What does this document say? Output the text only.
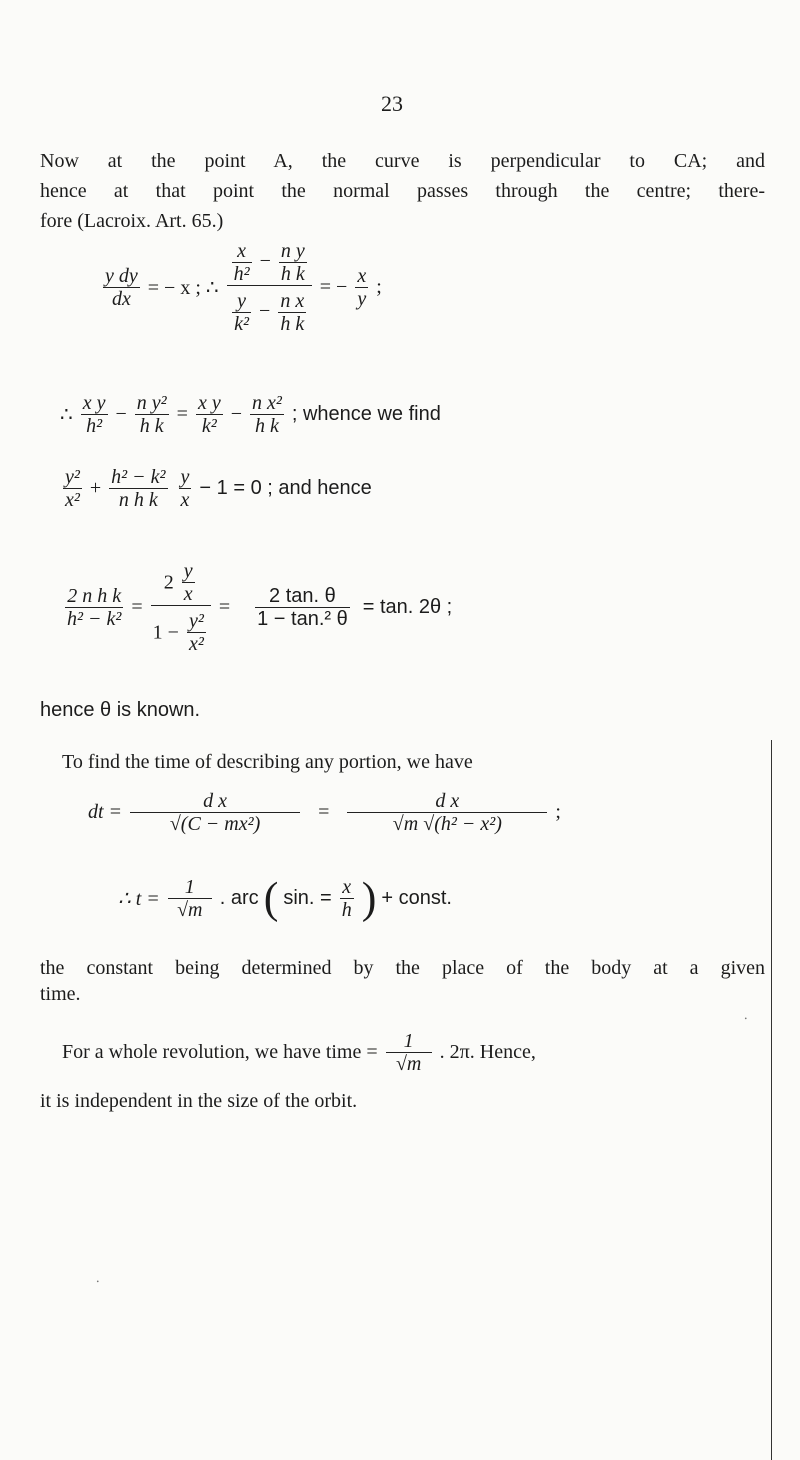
23
Now at the point A, the curve is perpendicular to CA; and
hence at that point the normal passes through the centre; there-
fore (Lacroix. Art. 65.)
$\frac{\text{y dy}}{dx}$ = − x ; ∴ $\frac{\frac{x}{\text{h²}} - \frac{\text{n y}}{\text{h k}}}{\frac{y}{\text{k²}} - \frac{\text{n x}}{\text{h k}}}$ = − $\frac{x}{y}$ ;
∴ $\frac{\text{x y}}{\text{h²}} - \frac{\text{n y²}}{\text{h k}} = \frac{\text{x y}}{\text{k²}} - \frac{\text{n x²}}{\text{h k}}$ ; whence we find
$\frac{\text{y²}}{\text{x²}} + \frac{\text{h² − k²}}{\text{n h k}}$
$\frac{y}{x} - 1 = 0$ ; and hence
$\frac{\text{2 n h k}}{\text{h² − k²}} = \frac{2 \frac{y}{x}}{1 - \frac{\text{y²}}{\text{x²}}} = \frac{2 \tan. \theta}{\text{1 − tan.² θ}} = \tan$. 2θ ;
hence θ is known.
To find the time of describing any portion, we have
dt = $\frac{\text{d x}}{\text{√(C − mx²)}} = \frac{\text{d x}}{\text{√m √(h² − x²)}}$ ;
∴ $t = \frac{1}{√m}$ . arc ( sin. = $\frac{x}{h}$ ) + const.
the constant being determined by the place of the body at a given
time.
For a whole revolution, we have time = $\frac{1}{√m}$ . 2π. Hence,
it is independent in the size of the orbit.
∙
∙
